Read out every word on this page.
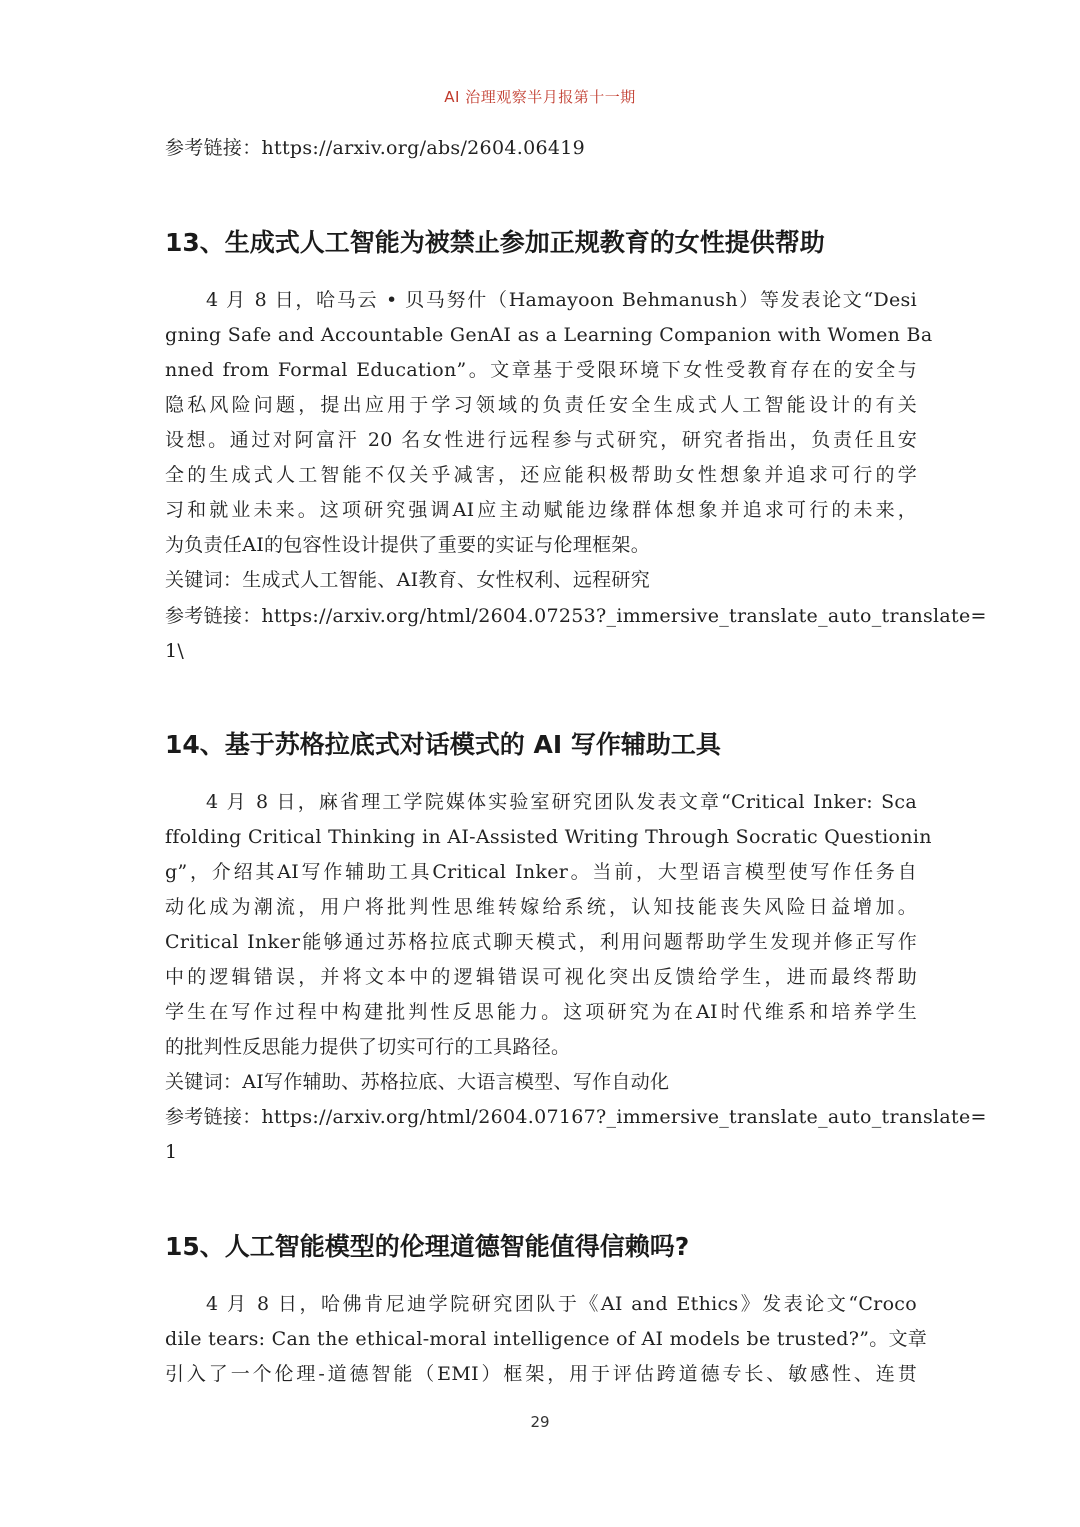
AI 治理观察半月报第十一期
参考链接：https://arxiv.org/abs/2604.06419
13、生成式人工智能为被禁止参加正规教育的女性提供帮助
4 月 8 日，哈马云 • 贝马努什（Hamayoon Behmanush）等发表论文“Desi
gning Safe and Accountable GenAI as a Learning Companion with Women Ba
nned from Formal Education”。文章基于受限环境下女性受教育存在的安全与
隐私风险问题，提出应用于学习领域的负责任安全生成式人工智能设计的有关
设想。通过对阿富汗 20 名女性进行远程参与式研究，研究者指出，负责任且安
全的生成式人工智能不仅关乎减害，还应能积极帮助女性想象并追求可行的学
习和就业未来。这项研究强调AI应主动赋能边缘群体想象并追求可行的未来，
为负责任AI的包容性设计提供了重要的实证与伦理框架。
关键词：生成式人工智能、AI教育、女性权利、远程研究
参考链接：https://arxiv.org/html/2604.07253?_immersive_translate_auto_translate=
1\
14、基于苏格拉底式对话模式的 AI 写作辅助工具
4 月 8 日，麻省理工学院媒体实验室研究团队发表文章“Critical Inker: Sca
ffolding Critical Thinking in AI-Assisted Writing Through Socratic Questionin
g”，介绍其AI写作辅助工具Critical Inker。当前，大型语言模型使写作任务自
动化成为潮流，用户将批判性思维转嫁给系统，认知技能丧失风险日益增加。
Critical Inker能够通过苏格拉底式聊天模式，利用问题帮助学生发现并修正写作
中的逻辑错误，并将文本中的逻辑错误可视化突出反馈给学生，进而最终帮助
学生在写作过程中构建批判性反思能力。这项研究为在AI时代维系和培养学生
的批判性反思能力提供了切实可行的工具路径。
关键词：AI写作辅助、苏格拉底、大语言模型、写作自动化
参考链接：https://arxiv.org/html/2604.07167?_immersive_translate_auto_translate=
1
15、人工智能模型的伦理道德智能值得信赖吗?
4 月 8 日，哈佛肯尼迪学院研究团队于《AI and Ethics》发表论文“Croco
dile tears: Can the ethical-moral intelligence of AI models be trusted?”。文章
引入了一个伦理-道德智能（EMI）框架，用于评估跨道德专长、敏感性、连贯
29
